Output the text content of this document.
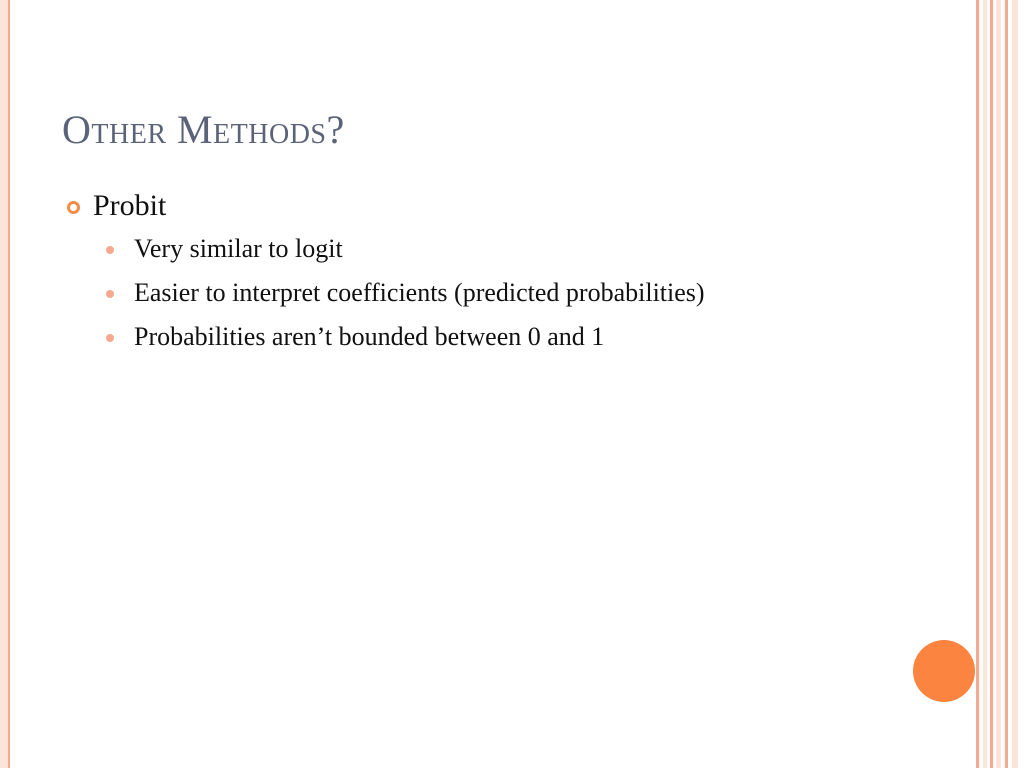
Other Methods?
Probit
Very similar to logit
Easier to interpret coefficients (predicted probabilities)
Probabilities aren’t bounded between 0 and 1
